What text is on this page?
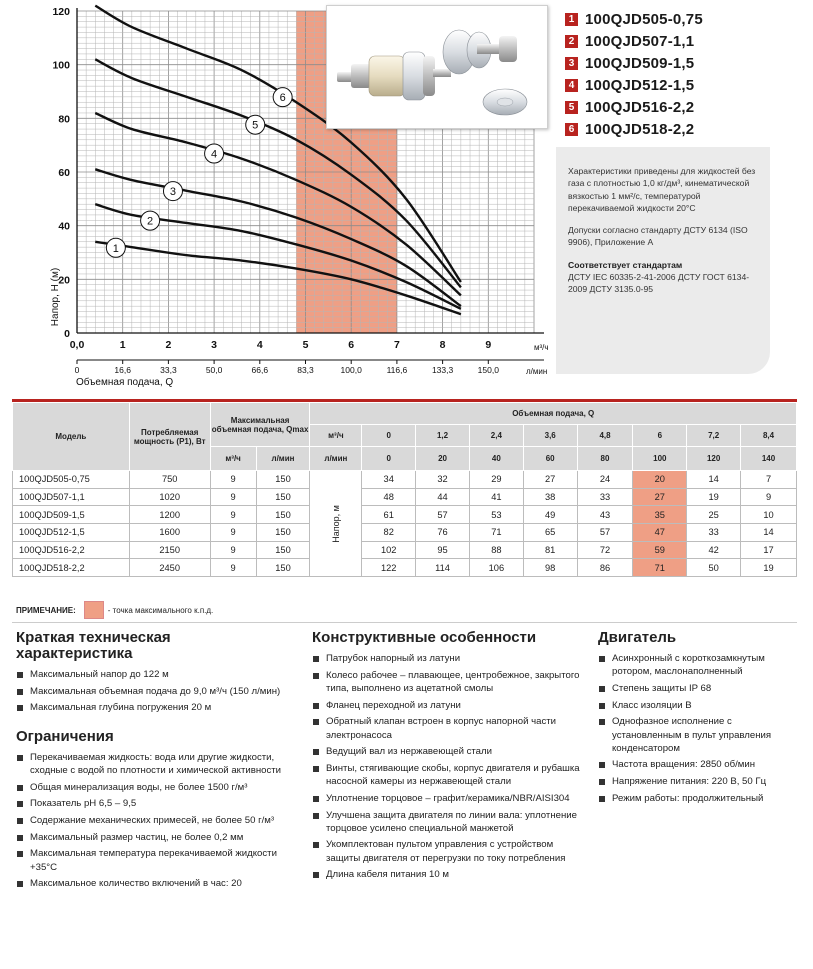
1
2
3
4
5
6
0
20
40
60
80
100
120
0,0	1	2	3	4	5	6	7	8	9
0	16,6	33,3	50,0	66,6	83,3	100,0	116,6	133,3	150,0
м³/ч
л/мин
Объемная подача, Q
Напор, Н (м)
1 100QJD505-0,75
2 100QJD507-1,1
3 100QJD509-1,5
4 100QJD512-1,5
5 100QJD516-2,2
6 100QJD518-2,2

Характеристики приведены для жидкостей без газа с плотностью 1,0 кг/дм³, кинематической вязкостью 1 мм²/с, температурой перекачиваемой жидкости 20°С

Допуски согласно стандарту ДСТУ 6134 (ISO 9906), Приложение А

Соответствует стандартам
ДСТУ IEC 60335-2-41-2006 ДСТУ ГОСТ 6134-2009 ДСТУ 3135.0-95
Модель	Потребляемая мощность (P1), Вт	Максимальная объемная подача, Qmax		Объемная подача, Q								
				м³/ч	0	1,2	2,4	3,6	4,8	6	7,2	8,4
		м³/ч	л/мин	л/мин	0	20	40	60	80	100	120	140
100QJD505-0,75	750	9	150	Напор, м	34	32	29	27	24	20	14	7
100QJD507-1,1	1020	9	150		48	44	41	38	33	27	19	9
100QJD509-1,5	1200	9	150		61	57	53	49	43	35	25	10
100QJD512-1,5	1600	9	150		82	76	71	65	57	47	33	14
100QJD516-2,2	2150	9	150		102	95	88	81	72	59	42	17
100QJD518-2,2	2450	9	150		122	114	106	98	86	71	50	19
ПРИМЕЧАНИЕ:	- точка максимального к.п.д.
Краткая техническая характеристика
Максимальный напор до 122 м
Максимальная объемная подача до 9,0 м³/ч (150 л/мин)
Максимальная глубина погружения 20 м
Ограничения
Перекачиваемая жидкость: вода или другие жидкости, сходные с водой по плотности и химической активности
Общая минерализация воды, не более 1500 г/м³
Показатель pH 6,5 – 9,5
Содержание механических примесей, не более 50 г/м³
Максимальный размер частиц, не более 0,2 мм
Максимальная температура перекачиваемой жидкости +35°С
Максимальное количество включений в час: 20
Конструктивные особенности
Патрубок напорный из латуни
Колесо рабочее – плавающее, центробежное, закрытого типа, выполнено из ацетатной смолы
Фланец переходной из латуни
Обратный клапан встроен в корпус напорной части электронасоса
Ведущий вал из нержавеющей стали
Винты, стягивающие скобы, корпус двигателя и рубашка насосной камеры из нержавеющей стали
Уплотнение торцовое – графит/керамика/NBR/AISI304
Улучшена защита двигателя по линии вала: уплотнение торцовое усилено специальной манжетой
Укомплектован пультом управления с устройством защиты двигателя от перегрузки по току потребления
Длина кабеля питания 10 м
Двигатель
Асинхронный с короткозамкнутым ротором, маслонаполненный
Степень защиты IP 68
Класс изоляции В
Однофазное исполнение с установленным в пульт управления конденсатором
Частота вращения: 2850 об/мин
Напряжение питания: 220 В, 50 Гц
Режим работы: продолжительный
